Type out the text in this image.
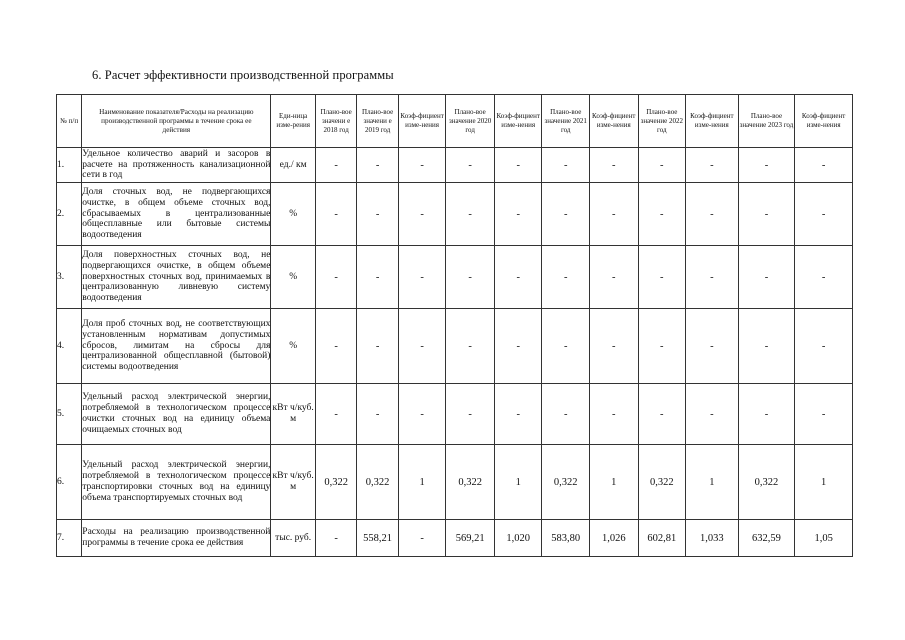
6. Расчет эффективности производственной программы
№ п/п	Наименование показателя/Расходы на реализацию производственной программы в течение срока ее действия	Еди-ница изме-рения	Плано-вое значени е 2018 год	Плано-вое значени е 2019 год	Коэф-фициент изме-нения	Плано-вое значение 2020 год	Коэф-фициент изме-нения	Плано-вое значение 2021 год	Коэф-фициент изме-нения	Плано-вое значение 2022 год	Коэф-фициент изме-нения	Плано-вое значение 2023 год	Коэф-фициент изме-нения
1.	Удельное количество аварий и засоров в расчете на протяженность канализационной сети в год	ед./ км	-	-	-	-	-	-	-	-	-	-	-
2.	Доля сточных вод, не подвергающихся очистке, в общем объеме сточных вод, сбрасываемых в централизованные общесплавные или бытовые системы водоотведения	%	-	-	-	-	-	-	-	-	-	-	-
3.	Доля поверхностных сточных вод, не подвергающихся очистке, в общем объеме поверхностных сточных вод, принимаемых в централизованную ливневую систему водоотведения	%	-	-	-	-	-	-	-	-	-	-	-
4.	Доля проб сточных вод, не соответствующих установленным нормативам допустимых сбросов, лимитам на сбросы для централизованной общесплавной (бытовой) системы водоотведения	%	-	-	-	-	-	-	-	-	-	-	-
5.	Удельный расход электрической энергии, потребляемой в технологическом процессе очистки сточных вод на единицу объема очищаемых сточных вод	кВт ч/куб. м	-	-	-	-	-	-	-	-	-	-	-
6.	Удельный расход электрической энергии, потребляемой в технологическом процессе транспортировки сточных вод на единицу объема транспортируемых сточных вод	кВт ч/куб. м	0,322	0,322	1	0,322	1	0,322	1	0,322	1	0,322	1
7.	Расходы на реализацию производственной программы в течение срока ее действия	тыс. руб.	-	558,21	-	569,21	1,020	583,80	1,026	602,81	1,033	632,59	1,05
